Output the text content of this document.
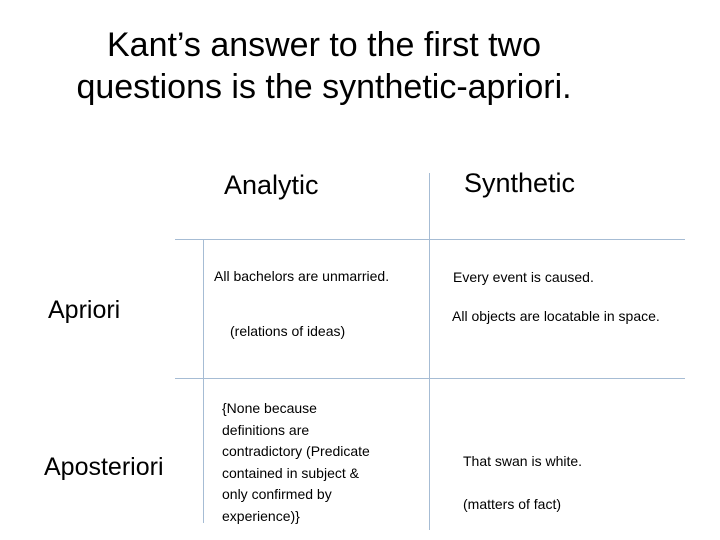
Kant’s answer to the first two
questions is the synthetic-apriori.
Analytic	Synthetic
Apriori
Aposteriori
All bachelors are unmarried.
(relations of ideas)
Every event is caused.
All objects are locatable in space.
{None because
definitions are
contradictory (Predicate
contained in subject &
only confirmed by
experience)}
That swan is white.
(matters of fact)
